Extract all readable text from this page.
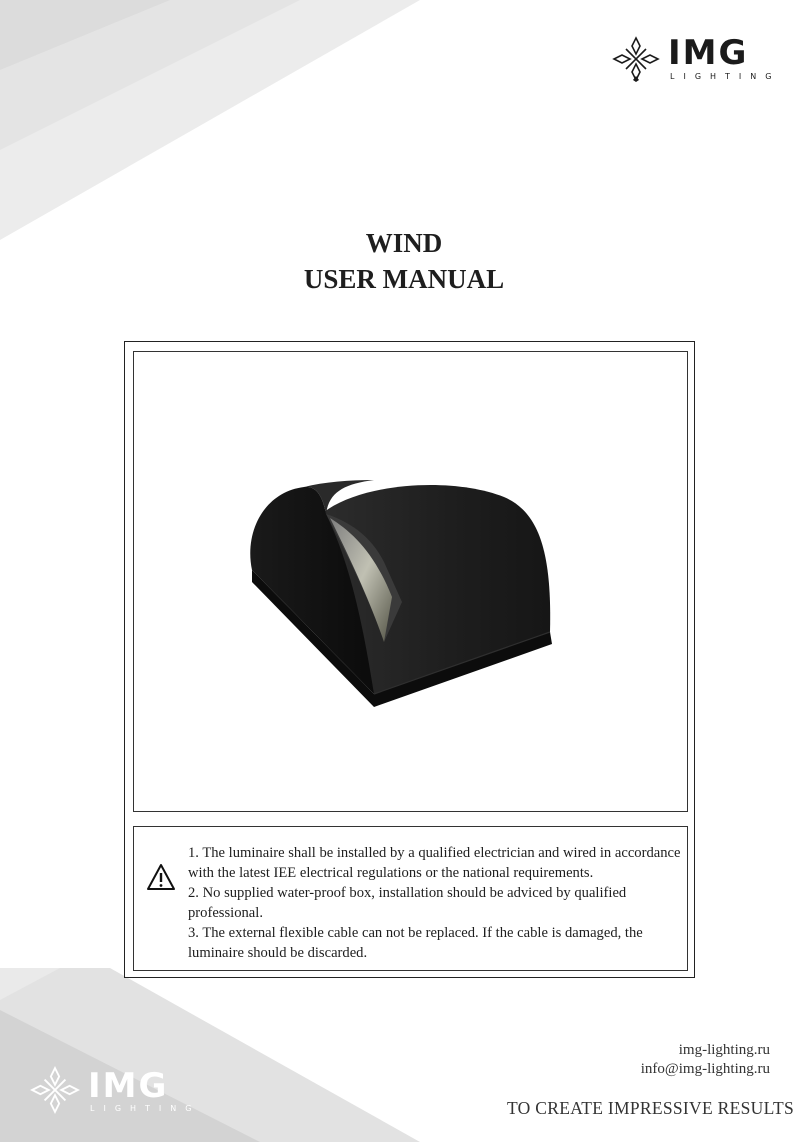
IMG
LIGHTING
WIND
USER MANUAL
1. The luminaire shall be installed by a qualified electrician and wired in accordance with the latest IEE electrical regulations or the national requirements.
2. No supplied water-proof box, installation should be adviced by qualified professional.
3. The external flexible cable can not be replaced. If the cable is damaged, the luminaire should be discarded.
IMG
LIGHTING
img-lighting.ru
info@img-lighting.ru
TO CREATE IMPRESSIVE RESULTS
